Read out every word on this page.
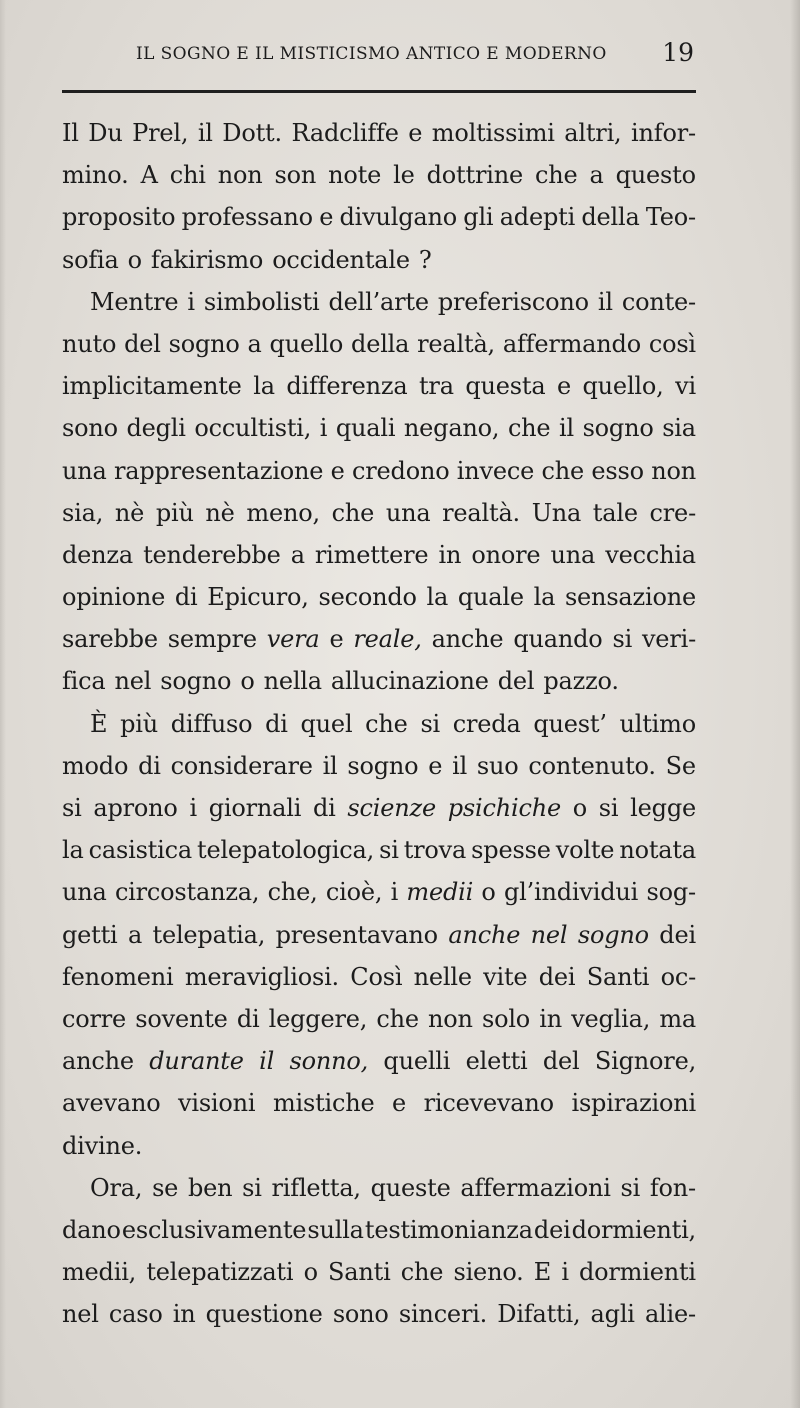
IL SOGNO E IL MISTICISMO ANTICO E MODERNO 19
Il Du Prel, il Dott. Radcliffe e moltissimi altri, infor-
mino. A chi non son note le dottrine che a questo
proposito professano e divulgano gli adepti della Teo-
sofia o fakirismo occidentale ?
Mentre i simbolisti dell’arte preferiscono il conte-
nuto del sogno a quello della realtà, affermando così
implicitamente la differenza tra questa e quello, vi
sono degli occultisti, i quali negano, che il sogno sia
una rappresentazione e credono invece che esso non
sia, nè più nè meno, che una realtà. Una tale cre-
denza tenderebbe a rimettere in onore una vecchia
opinione di Epicuro, secondo la quale la sensazione
sarebbe sempre vera e reale, anche quando si veri-
fica nel sogno o nella allucinazione del pazzo.
È più diffuso di quel che si creda quest’ ultimo
modo di considerare il sogno e il suo contenuto. Se
si aprono i giornali di scienze psichiche o si legge
la casistica telepatologica, si trova spesse volte notata
una circostanza, che, cioè, i medii o gl’individui sog-
getti a telepatia, presentavano anche nel sogno dei
fenomeni meravigliosi. Così nelle vite dei Santi oc-
corre sovente di leggere, che non solo in veglia, ma
anche durante il sonno, quelli eletti del Signore,
avevano visioni mistiche e ricevevano ispirazioni
divine.
Ora, se ben si rifletta, queste affermazioni si fon-
dano esclusivamente sulla testimonianza dei dormienti,
medii, telepatizzati o Santi che sieno. E i dormienti
nel caso in questione sono sinceri. Difatti, agli alie-
